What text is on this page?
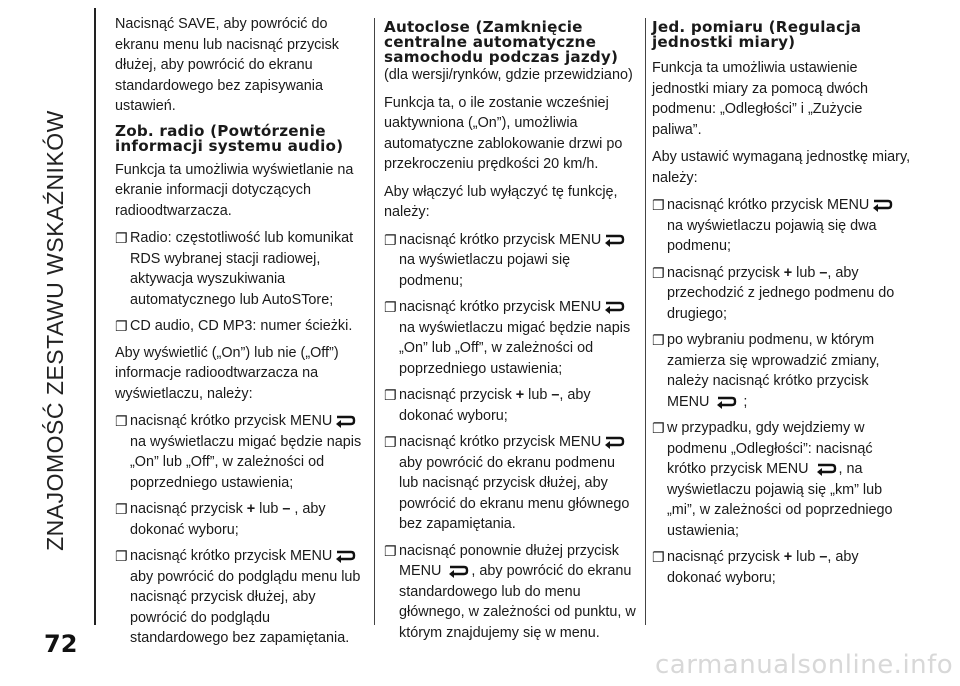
ZNAJOMOŚĆ ZESTAWU WSKAŹNIKÓW

Nacisnąć SAVE, aby powrócić do ekranu menu lub nacisnąć przycisk dłużej, aby powrócić do ekranu standardowego bez zapisywania ustawień.

Zob. radio (Powtórzenie informacji systemu audio)

Funkcja ta umożliwia wyświetlanie na ekranie informacji dotyczących radioodtwarzacza.

❐ Radio: częstotliwość lub komunikat RDS wybranej stacji radiowej, aktywacja wyszukiwania automatycznego lub AutoSTore;
❐ CD audio, CD MP3: numer ścieżki.

Aby wyświetlić („On”) lub nie („Off”) informacje radioodtwarzacza na wyświetlaczu, należy:

❐ nacisnąć krótko przycisk MENU
na wyświetlaczu migać będzie napis „On” lub „Off”, w zależności od poprzedniego ustawienia;
❐ nacisnąć przycisk + lub – , aby dokonać wyboru;
❐ nacisnąć krótko przycisk MENU
aby powrócić do podglądu menu lub nacisnąć przycisk dłużej, aby powrócić do podglądu standardowego bez zapamiętania.
Autoclose (Zamknięcie centralne automatyczne samochodu podczas jazdy)

(dla wersji/rynków, gdzie przewidziano)

Funkcja ta, o ile zostanie wcześniej uaktywniona („On”), umożliwia automatyczne zablokowanie drzwi po przekroczeniu prędkości 20 km/h.

Aby włączyć lub wyłączyć tę funkcję, należy:

❐ nacisnąć krótko przycisk MENU
na wyświetlaczu pojawi się podmenu;
❐ nacisnąć krótko przycisk MENU
na wyświetlaczu migać będzie napis „On” lub „Off”, w zależności od poprzedniego ustawienia;
❐ nacisnąć przycisk + lub –, aby dokonać wyboru;
❐ nacisnąć krótko przycisk MENU
aby powrócić do ekranu podmenu lub nacisnąć przycisk dłużej, aby powrócić do ekranu menu głównego bez zapamiętania.
❐ nacisnąć ponownie dłużej przycisk MENU , aby powrócić do ekranu standardowego lub do menu głównego, w zależności od punktu, w którym znajdujemy się w menu.
Jed. pomiaru (Regulacja jednostki miary)

Funkcja ta umożliwia ustawienie jednostki miary za pomocą dwóch podmenu: „Odległości” i „Zużycie paliwa”.

Aby ustawić wymaganą jednostkę miary, należy:

❐ nacisnąć krótko przycisk MENU
na wyświetlaczu pojawią się dwa podmenu;
❐ nacisnąć przycisk + lub –, aby przechodzić z jednego podmenu do drugiego;
❐ po wybraniu podmenu, w którym zamierza się wprowadzić zmiany, należy nacisnąć krótko przycisk MENU ;
❐ w przypadku, gdy wejdziemy w podmenu „Odległości”: nacisnąć krótko przycisk MENU , na wyświetlaczu pojawią się „km” lub „mi”, w zależności od poprzedniego ustawienia;
❐ nacisnąć przycisk + lub –, aby dokonać wyboru;
72
carmanualsonline.info
